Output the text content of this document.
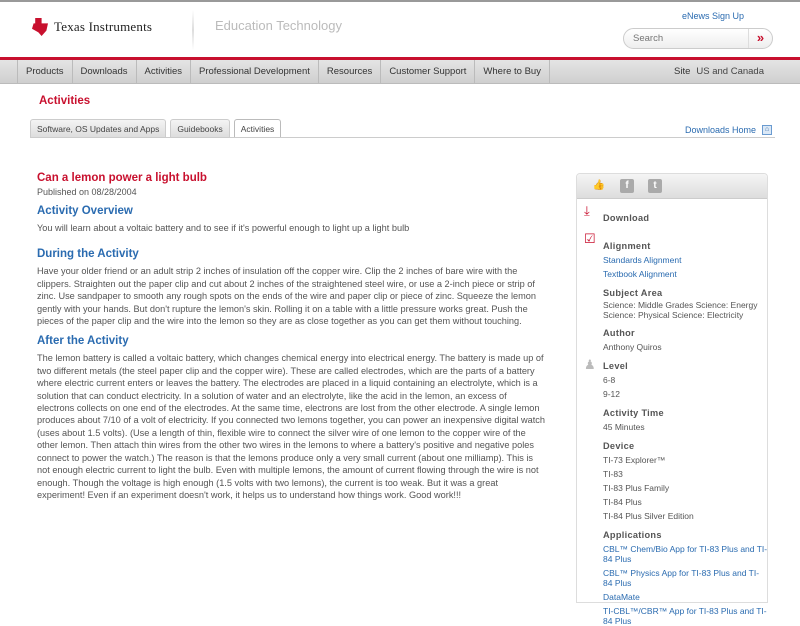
Texas Instruments	Education Technology
eNews Sign Up
Search
»
Products	Downloads	Activities	Professional Development	Resources	Customer Support	Where to Buy	Site US and Canada
Activities
Software, OS Updates and Apps	Guidebooks	Activities	Downloads Home	⌂
Can a lemon power a light bulb
Published on 08/28/2004
Activity Overview
You will learn about a voltaic battery and to see if it's powerful enough to light up a light bulb
During the Activity
Have your older friend or an adult strip 2 inches of insulation off the copper wire. Clip the 2 inches of bare wire with the clippers. Straighten out the paper clip and cut about 2 inches of the straightened steel wire, or use a 2-inch piece or strip of zinc. Use sandpaper to smooth any rough spots on the ends of the wire and paper clip or piece of zinc. Squeeze the lemon gently with your hands. But don't rupture the lemon's skin. Rolling it on a table with a little pressure works great. Push the pieces of the paper clip and the wire into the lemon so they are as close together as you can get them without touching.
After the Activity
The lemon battery is called a voltaic battery, which changes chemical energy into electrical energy. The battery is made up of two different metals (the steel paper clip and the copper wire). These are called electrodes, which are the parts of a battery where electric current enters or leaves the battery. The electrodes are placed in a liquid containing an electrolyte, which is a solution that can conduct electricity. In a solution of water and an electrolyte, like the acid in the lemon, an excess of electrons collects on one end of the electrodes. At the same time, electrons are lost from the other electrode. A single lemon produces about 7/10 of a volt of electricity. If you connected two lemons together, you can power an inexpensive digital watch (uses about 1.5 volts). (Use a length of thin, flexible wire to connect the silver wire of one lemon to the copper wire of the other lemon. Then attach thin wires from the other two wires in the lemons to where a battery's positive and negative poles connect to power the watch.) The reason is that the lemons produce only a very small current (about one milliamp). This is not enough electric current to light the bulb. Even with multiple lemons, the amount of current flowing through the wire is not enough. Though the voltage is high enough (1.5 volts with two lemons), the current is too weak. But it was a great experiment! Even if an experiment doesn't work, it helps us to understand how things work. Good work!!!
👍	f	t
⤓ Download
☑ Alignment
Standards Alignment
Textbook Alignment
Subject Area
Science: Middle Grades Science: Energy
Science: Physical Science: Electricity
Author
♟
Anthony Quiros
Level
6-8
9-12
Activity Time
45 Minutes
Device
TI-73 Explorer™
TI-83
TI-83 Plus Family
TI-84 Plus
TI-84 Plus Silver Edition
Applications
CBL™ Chem/Bio App for TI-83 Plus and TI-84 Plus
CBL™ Physics App for TI-83 Plus and TI-84 Plus
DataMate
TI-CBL™/CBR™ App for TI-83 Plus and TI-84 Plus
